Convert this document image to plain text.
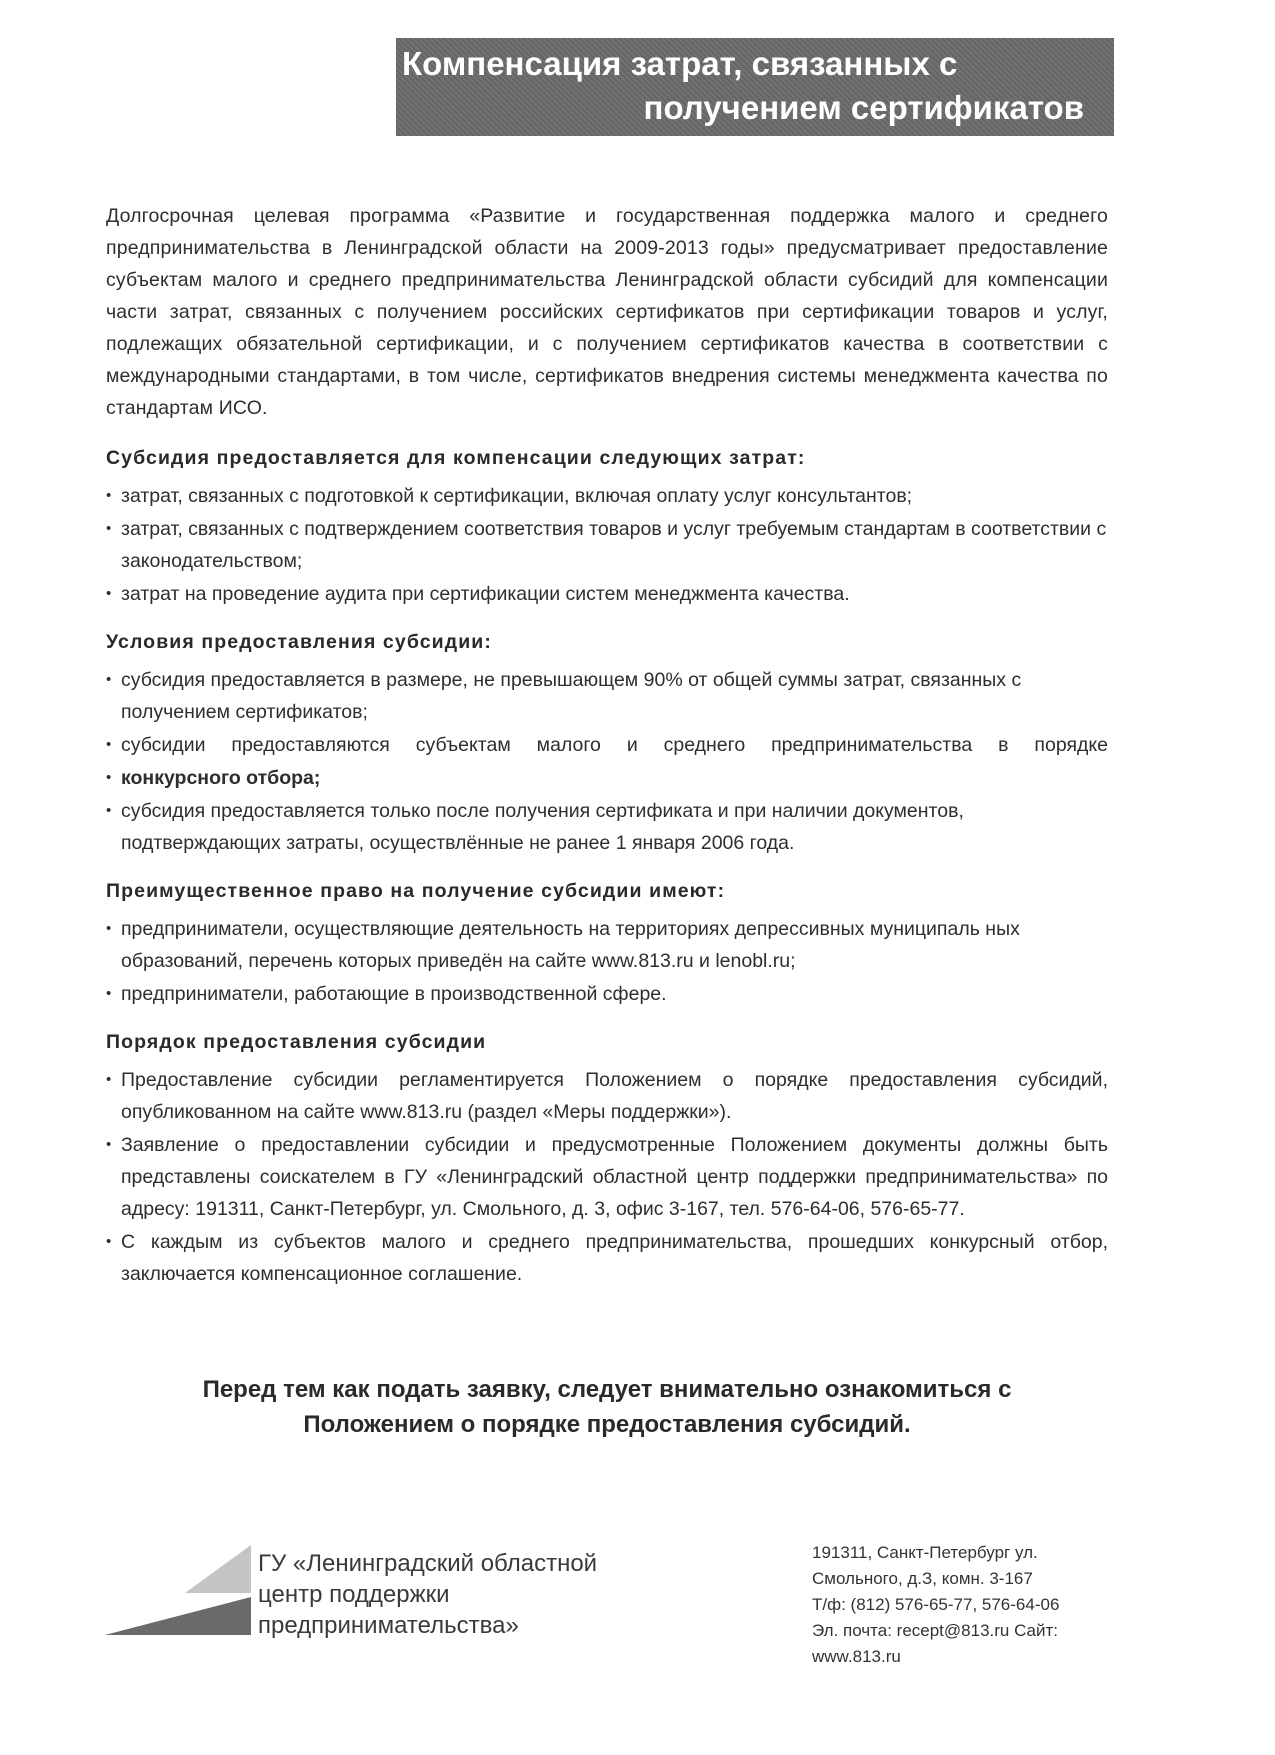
Компенсация затрат, связанных с
получением сертификатов

Долгосрочная целевая программа «Развитие и государственная поддержка малого и среднего предпринимательства в Ленинградской области на 2009-2013 годы» предусматривает предоставление субъектам малого и среднего предпринимательства Ленинградской области субсидий для компенсации части затрат, связанных с получением российских сертификатов при сертификации товаров и услуг, подлежащих обязательной сертификации, и с получением сертификатов качества в соответствии с международными стандартами, в том числе, сертификатов внедрения системы менеджмента качества по стандартам ИСО.

Субсидия предоставляется для компенсации следующих затрат:
• затрат, связанных с подготовкой к сертификации, включая оплату услуг консультантов;
• затрат, связанных с подтверждением соответствия товаров и услуг требуемым стандартам в соответствии с законодательством;
• затрат на проведение аудита при сертификации систем менеджмента качества.
Условия предоставления субсидии:
• субсидия предоставляется в размере, не превышающем 90% от общей суммы затрат, связанных с получением сертификатов;
• субсидии предоставляются субъектам малого и среднего предпринимательства в порядке
• конкурсного отбора;
• субсидия предоставляется только после получения сертификата и при наличии документов, подтверждающих затраты, осуществлённые не ранее 1 января 2006 года.
Преимущественное право на получение субсидии имеют:
• предприниматели, осуществляющие деятельность на территориях депрессивных муниципаль ных образований, перечень которых приведён на сайте www.813.ru и lenobl.ru;
• предприниматели, работающие в производственной сфере.
Порядок предоставления субсидии
• Предоставление субсидии регламентируется Положением о порядке предоставления субсидий, опубликованном на сайте www.813.ru (раздел «Меры поддержки»).
• Заявление о предоставлении субсидии и предусмотренные Положением документы должны быть представлены соискателем в ГУ «Ленинградский областной центр поддержки предпринимательства» по адресу: 191311, Санкт-Петербург, ул. Смольного, д. 3, офис 3-167, тел. 576-64-06, 576-65-77.
• С каждым из субъектов малого и среднего предпринимательства, прошедших конкурсный отбор, заключается компенсационное соглашение.
Перед тем как подать заявку, следует внимательно ознакомиться с
Положением о порядке предоставления субсидий.
ГУ «Ленинградский областной
центр поддержки
предпринимательства»
191311, Санкт-Петербург ул.
Смольного, д.З, комн. 3-167
Т/ф: (812) 576-65-77, 576-64-06
Эл. почта: recept@813.ru Сайт:
www.813.ru
